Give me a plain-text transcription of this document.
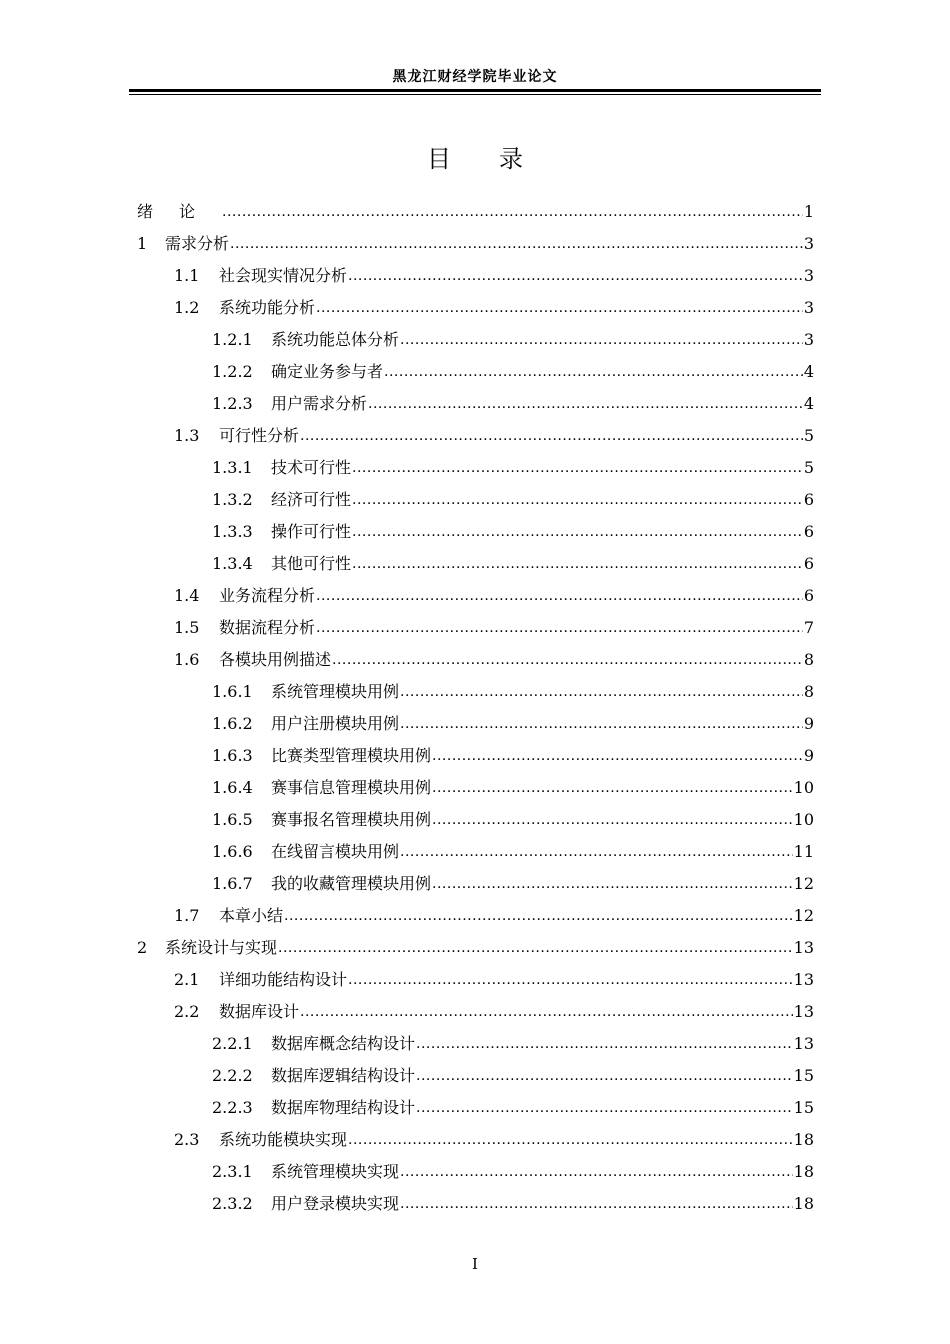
黑龙江财经学院毕业论文
目　　录
绪论 .....	1
1	需求分析 .....	3
1.1	社会现实情况分析 .....	3
1.2	系统功能分析 .....	3
1.2.1	系统功能总体分析 .....	3
1.2.2	确定业务参与者 .....	4
1.2.3	用户需求分析 .....	4
1.3	可行性分析 .....	5
1.3.1	技术可行性 .....	5
1.3.2	经济可行性 .....	6
1.3.3	操作可行性 .....	6
1.3.4	其他可行性 .....	6
1.4	业务流程分析 .....	6
1.5	数据流程分析 .....	7
1.6	各模块用例描述 .....	8
1.6.1	系统管理模块用例 .....	8
1.6.2	用户注册模块用例 .....	9
1.6.3	比赛类型管理模块用例 .....	9
1.6.4	赛事信息管理模块用例 .....	10
1.6.5	赛事报名管理模块用例 .....	10
1.6.6	在线留言模块用例 .....	11
1.6.7	我的收藏管理模块用例 .....	12
1.7	本章小结 .....	12
2	系统设计与实现 .....	13
2.1	详细功能结构设计 .....	13
2.2	数据库设计 .....	13
2.2.1	数据库概念结构设计 .....	13
2.2.2	数据库逻辑结构设计 .....	15
2.2.3	数据库物理结构设计 .....	15
2.3	系统功能模块实现 .....	18
2.3.1	系统管理模块实现 .....	18
2.3.2	用户登录模块实现 .....	18
I
